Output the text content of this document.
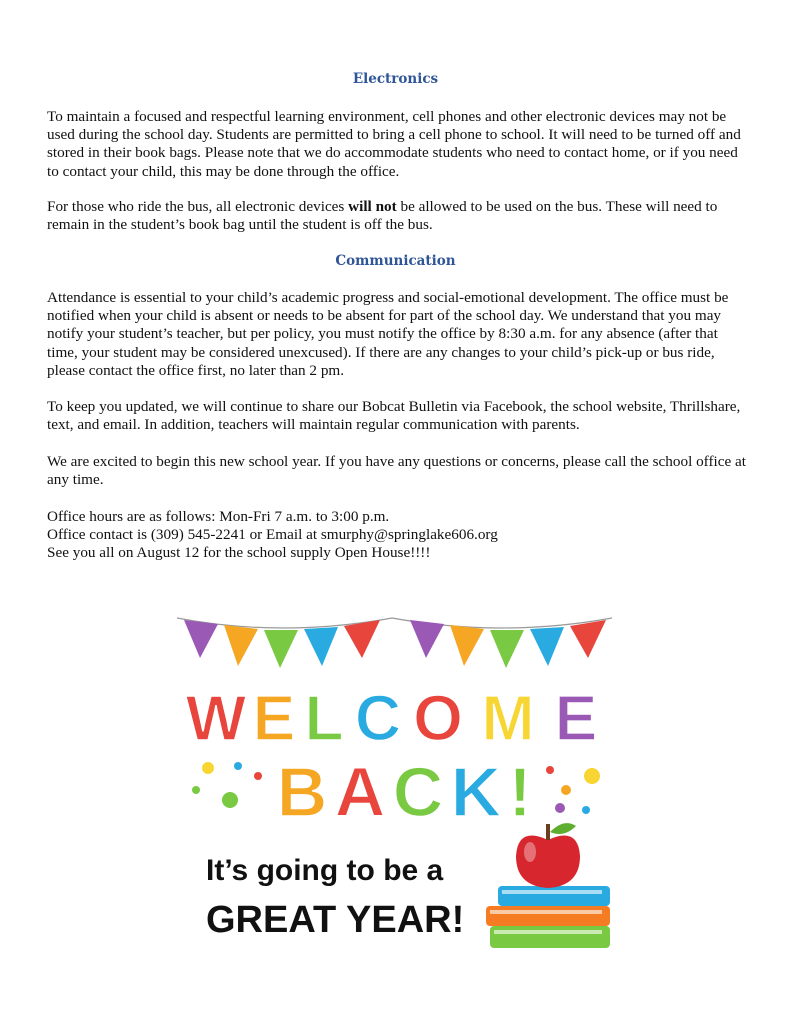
Electronics

To maintain a focused and respectful learning environment, cell phones and other electronic devices may not be used during the school day. Students are permitted to bring a cell phone to school. It will need to be turned off and stored in their book bags. Please note that we do accommodate students who need to contact home, or if you need to contact your child, this may be done through the office.

For those who ride the bus, all electronic devices will not be allowed to be used on the bus. These will need to remain in the student’s book bag until the student is off the bus.

Communication

Attendance is essential to your child’s academic progress and social-emotional development. The office must be notified when your child is absent or needs to be absent for part of the school day. We understand that you may notify your student’s teacher, but per policy, you must notify the office by 8:30 a.m. for any absence (after that time, your student may be considered unexcused). If there are any changes to your child’s pick-up or bus ride, please contact the office first, no later than 2 pm.

To keep you updated, we will continue to share our Bobcat Bulletin via Facebook, the school website, Thrillshare, text, and email. In addition, teachers will maintain regular communication with parents.

We are excited to begin this new school year. If you have any questions or concerns, please call the school office at any time.

Office hours are as follows: Mon-Fri 7 a.m. to 3:00 p.m.
Office contact is (309) 545-2241 or Email at smurphy@springlake606.org
See you all on August 12 for the school supply Open House!!!!

W E L C O M E
B A C K !
It’s going to be a
GREAT YEAR!
